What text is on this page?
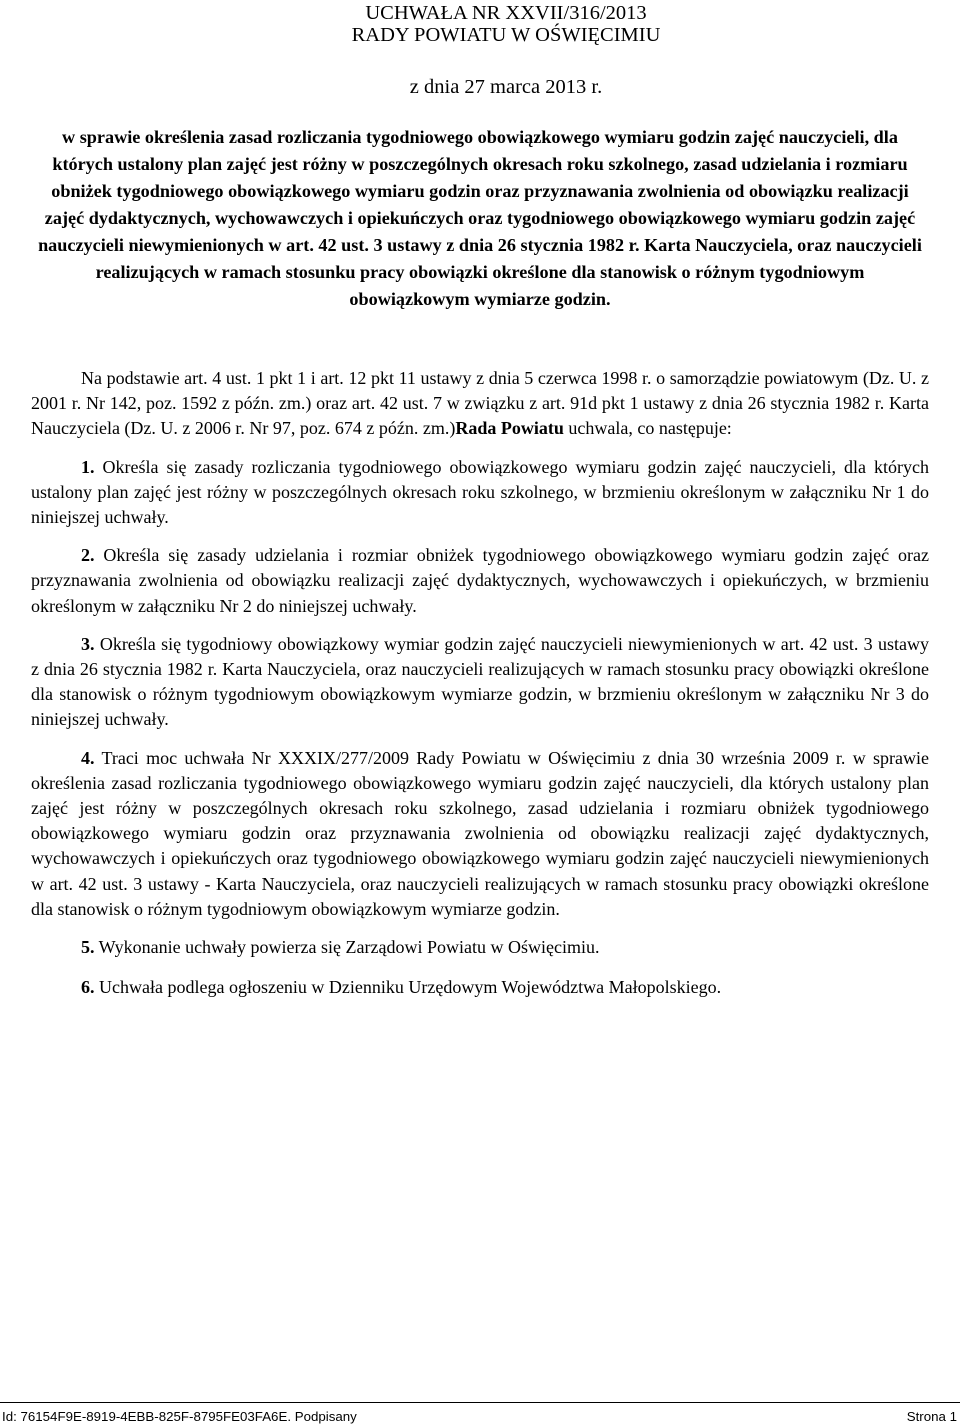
UCHWAŁA NR XXVII/316/2013
RADY POWIATU W OŚWIĘCIMIU
z dnia 27 marca 2013 r.
w sprawie określenia zasad rozliczania tygodniowego obowiązkowego wymiaru godzin zajęć nauczycieli, dla których ustalony plan zajęć jest różny w poszczególnych okresach roku szkolnego, zasad udzielania i rozmiaru obniżek tygodniowego obowiązkowego wymiaru godzin oraz przyznawania zwolnienia od obowiązku realizacji zajęć dydaktycznych, wychowawczych i opiekuńczych oraz tygodniowego obowiązkowego wymiaru godzin zajęć nauczycieli niewymienionych w art. 42 ust. 3 ustawy z dnia 26 stycznia 1982 r. Karta Nauczyciela, oraz nauczycieli realizujących w ramach stosunku pracy obowiązki określone dla stanowisk o różnym tygodniowym obowiązkowym wymiarze godzin.

Na podstawie art. 4 ust. 1 pkt 1 i art. 12 pkt 11 ustawy z dnia 5 czerwca 1998 r. o samorządzie powiatowym (Dz. U. z 2001 r. Nr 142, poz. 1592 z późn. zm.) oraz art. 42 ust. 7 w związku z art. 91d pkt 1 ustawy z dnia 26 stycznia 1982 r. Karta Nauczyciela (Dz. U. z 2006 r. Nr 97, poz. 674 z późn. zm.)Rada Powiatu uchwala, co następuje:

1. Określa się zasady rozliczania tygodniowego obowiązkowego wymiaru godzin zajęć nauczycieli, dla których ustalony plan zajęć jest różny w poszczególnych okresach roku szkolnego, w brzmieniu określonym w załączniku Nr 1 do niniejszej uchwały.

2. Określa się zasady udzielania i rozmiar obniżek tygodniowego obowiązkowego wymiaru godzin zajęć oraz przyznawania zwolnienia od obowiązku realizacji zajęć dydaktycznych, wychowawczych i opiekuńczych, w brzmieniu określonym w załączniku Nr 2 do niniejszej uchwały.

3. Określa się tygodniowy obowiązkowy wymiar godzin zajęć nauczycieli niewymienionych w art. 42 ust. 3 ustawy z dnia 26 stycznia 1982 r. Karta Nauczyciela, oraz nauczycieli realizujących w ramach stosunku pracy obowiązki określone dla stanowisk o różnym tygodniowym obowiązkowym wymiarze godzin, w brzmieniu określonym w załączniku Nr 3 do niniejszej uchwały.

4. Traci moc uchwała Nr XXXIX/277/2009 Rady Powiatu w Oświęcimiu z dnia 30 września 2009 r. w sprawie określenia zasad rozliczania tygodniowego obowiązkowego wymiaru godzin zajęć nauczycieli, dla których ustalony plan zajęć jest różny w poszczególnych okresach roku szkolnego, zasad udzielania i rozmiaru obniżek tygodniowego obowiązkowego wymiaru godzin oraz przyznawania zwolnienia od obowiązku realizacji zajęć dydaktycznych, wychowawczych i opiekuńczych oraz tygodniowego obowiązkowego wymiaru godzin zajęć nauczycieli niewymienionych w art. 42 ust. 3 ustawy - Karta Nauczyciela, oraz nauczycieli realizujących w ramach stosunku pracy obowiązki określone dla stanowisk o różnym tygodniowym obowiązkowym wymiarze godzin.

5. Wykonanie uchwały powierza się Zarządowi Powiatu w Oświęcimiu.

6. Uchwała podlega ogłoszeniu w Dzienniku Urzędowym Województwa Małopolskiego.

Id: 76154F9E-8919-4EBB-825F-8795FE03FA6E. Podpisany	Strona 1
